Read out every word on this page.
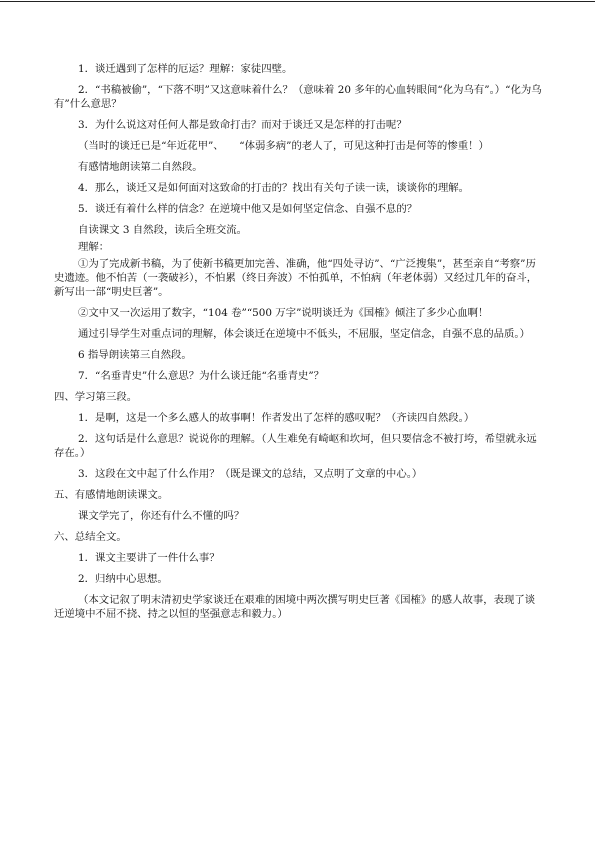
1．谈迁遇到了怎样的厄运？理解：家徒四壁。

2．“书稿被偷”，“下落不明”又这意味着什么？（意味着 20 多年的心血转眼间“化为乌有”。）“化为乌有”什么意思？

3．为什么说这对任何人都是致命打击？而对于谈迁又是怎样的打击呢？

（当时的谈迁已是“年近花甲”、　　“体弱多病”的老人了，可见这种打击是何等的惨重！）

有感情地朗读第二自然段。

4．那么，谈迁又是如何面对这致命的打击的？找出有关句子读一读，谈谈你的理解。

5．谈迁有着什么样的信念？在逆境中他又是如何坚定信念、自强不息的？

自读课文 3 自然段，读后全班交流。

理解：

①为了完成新书稿，为了使新书稿更加完善、准确，他“四处寻访”、“广泛搜集”，甚至亲自“考察”历史遗迹。他不怕苦（一袭破衫），不怕累（终日奔波）不怕孤单，不怕病（年老体弱）又经过几年的奋斗，新写出一部“明史巨著”。

②文中又一次运用了数字，“104 卷”“500 万字”说明谈迁为《国榷》倾注了多少心血啊！

通过引导学生对重点词的理解，体会谈迁在逆境中不低头，不屈服，坚定信念，自强不息的品质。）

6 指导朗读第三自然段。

7．“名垂青史”什么意思？为什么谈迁能“名垂青史”？

四、学习第三段。

1．是啊，这是一个多么感人的故事啊！作者发出了怎样的感叹呢？（齐读四自然段。）

2．这句话是什么意思？说说你的理解。（人生难免有崎岖和坎坷，但只要信念不被打垮，希望就永远存在。）

3．这段在文中起了什么作用？（既是课文的总结，又点明了文章的中心。）

五、有感情地朗读课文。

课文学完了，你还有什么不懂的吗？

六、总结全文。

1．课文主要讲了一件什么事？

2．归纳中心思想。

（本文记叙了明末清初史学家谈迁在艰难的困境中两次撰写明史巨著《国榷》的感人故事，表现了谈迁逆境中不屈不挠、持之以恒的坚强意志和毅力。）
